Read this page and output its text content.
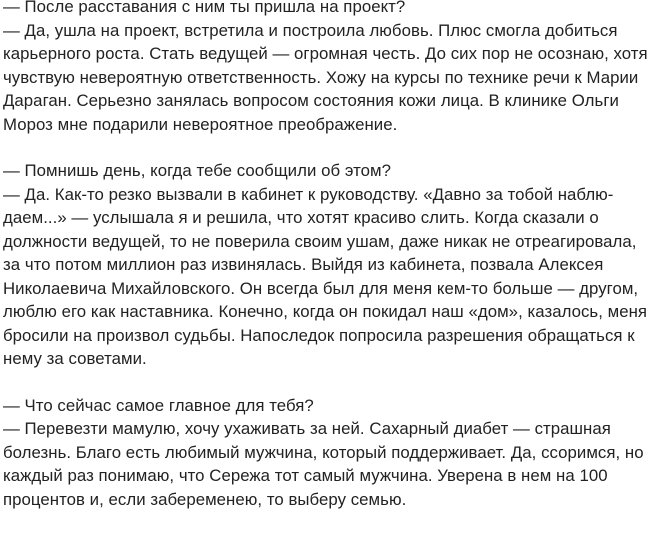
— После расставания с ним ты пришла на проект?
— Да, ушла на проект, встретила и построила любовь. Плюс смогла добиться
карьерного роста. Стать ведущей — огромная честь. До сих пор не осознаю, хотя
чувствую невероятную ответственность. Хожу на курсы по технике речи к Марии
Дараган. Серьезно занялась вопросом состояния кожи лица. В клинике Ольги
Мороз мне подарили невероятное преображение.
— Помнишь день, когда тебе сообщили об этом?
— Да. Как-то резко вызвали в кабинет к руководству. «Давно за тобой наблю-
даем...» — услышала я и решила, что хотят красиво слить. Когда сказали о
должности ведущей, то не поверила своим ушам, даже никак не отреагировала,
за что потом миллион раз извинялась. Выйдя из кабинета, позвала Алексея
Николаевича Михайловского. Он всегда был для меня кем-то больше — другом,
люблю его как наставника. Конечно, когда он покидал наш «дом», казалось, меня
бросили на произвол судьбы. Напоследок попросила разрешения обращаться к
нему за советами.
— Что сейчас самое главное для тебя?
— Перевезти мамулю, хочу ухаживать за ней. Сахарный диабет — страшная
болезнь. Благо есть любимый мужчина, который поддерживает. Да, ссоримся, но
каждый раз понимаю, что Сережа тот самый мужчина. Уверена в нем на 100
процентов и, если забеременею, то выберу семью.
